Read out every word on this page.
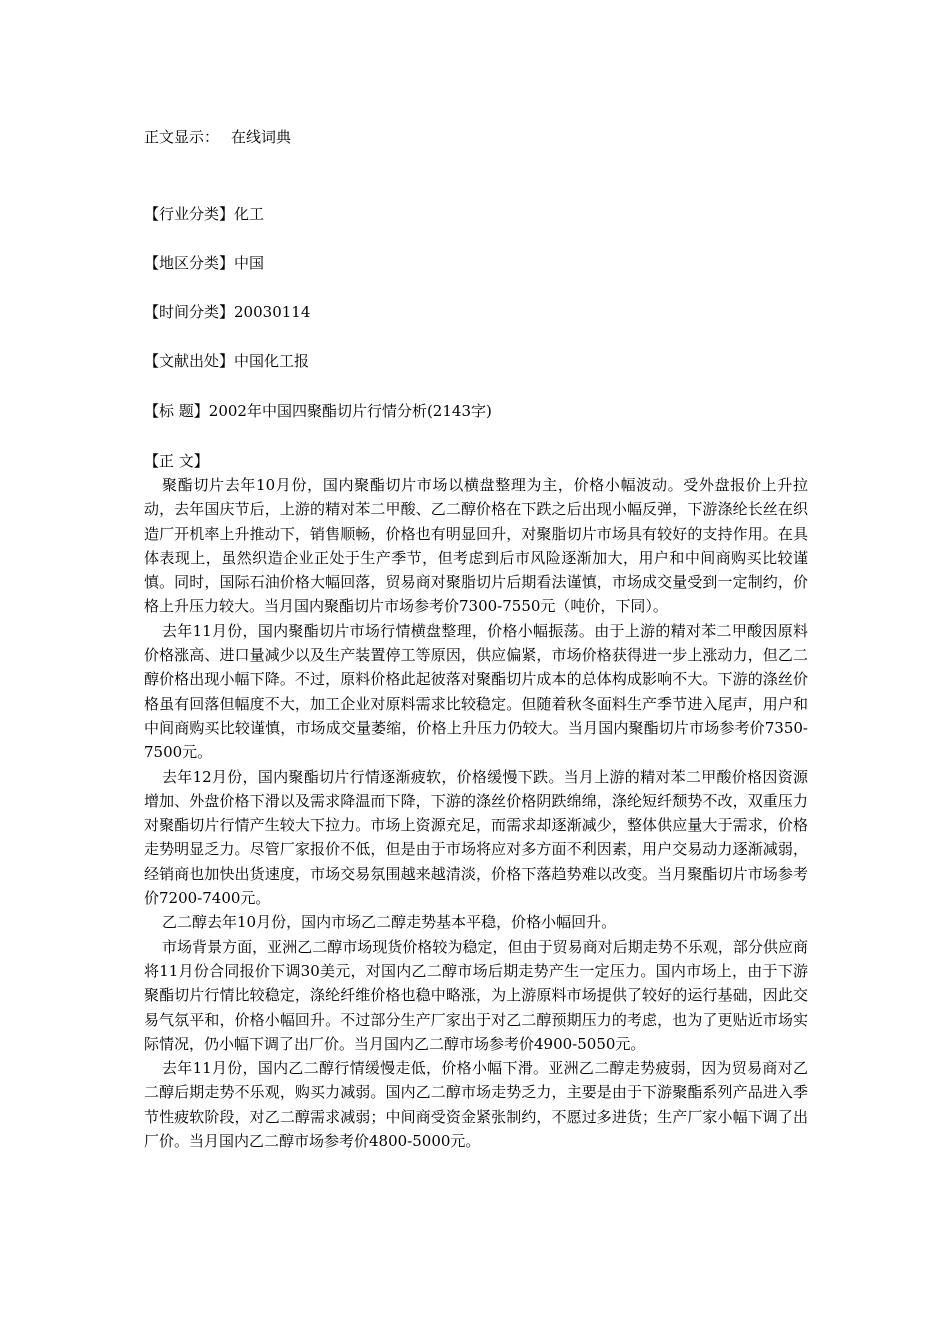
正文显示： 在线词典
【行业分类】化工
【地区分类】中国
【时间分类】20030114
【文献出处】中国化工报
【标 题】2002年中国四聚酯切片行情分析(2143字)
【正 文】

聚酯切片去年10月份，国内聚酯切片市场以横盘整理为主，价格小幅波动。受外盘报价上升拉动，去年国庆节后，上游的精对苯二甲酸、乙二醇价格在下跌之后出现小幅反弹，下游涤纶长丝在织造厂开机率上升推动下，销售顺畅，价格也有明显回升，对聚脂切片市场具有较好的支持作用。在具体表现上，虽然织造企业正处于生产季节，但考虑到后市风险逐渐加大，用户和中间商购买比较谨慎。同时，国际石油价格大幅回落，贸易商对聚脂切片后期看法谨慎，市场成交量受到一定制约，价格上升压力较大。当月国内聚酯切片市场参考价7300-7550元（吨价，下同）。

去年11月份，国内聚酯切片市场行情横盘整理，价格小幅振荡。由于上游的精对苯二甲酸因原料价格涨高、进口量减少以及生产装置停工等原因，供应偏紧，市场价格获得进一步上涨动力，但乙二醇价格出现小幅下降。不过，原料价格此起彼落对聚酯切片成本的总体构成影响不大。下游的涤丝价格虽有回落但幅度不大，加工企业对原料需求比较稳定。但随着秋冬面料生产季节进入尾声，用户和中间商购买比较谨慎，市场成交量萎缩，价格上升压力仍较大。当月国内聚酯切片市场参考价7350-7500元。

去年12月份，国内聚酯切片行情逐渐疲软，价格缓慢下跌。当月上游的精对苯二甲酸价格因资源增加、外盘价格下滑以及需求降温而下降，下游的涤丝价格阴跌绵绵，涤纶短纤颓势不改，双重压力对聚酯切片行情产生较大下拉力。市场上资源充足，而需求却逐渐减少，整体供应量大于需求，价格走势明显乏力。尽管厂家报价不低，但是由于市场将应对多方面不利因素，用户交易动力逐渐减弱，经销商也加快出货速度，市场交易氛围越来越清淡，价格下落趋势难以改变。当月聚酯切片市场参考价7200-7400元。

乙二醇去年10月份，国内市场乙二醇走势基本平稳，价格小幅回升。

市场背景方面，亚洲乙二醇市场现货价格较为稳定，但由于贸易商对后期走势不乐观，部分供应商将11月份合同报价下调30美元，对国内乙二醇市场后期走势产生一定压力。国内市场上，由于下游聚酯切片行情比较稳定，涤纶纤维价格也稳中略涨，为上游原料市场提供了较好的运行基础，因此交易气氛平和，价格小幅回升。不过部分生产厂家出于对乙二醇预期压力的考虑，也为了更贴近市场实际情况，仍小幅下调了出厂价。当月国内乙二醇市场参考价4900-5050元。

去年11月份，国内乙二醇行情缓慢走低，价格小幅下滑。亚洲乙二醇走势疲弱，因为贸易商对乙二醇后期走势不乐观，购买力减弱。国内乙二醇市场走势乏力，主要是由于下游聚酯系列产品进入季节性疲软阶段，对乙二醇需求减弱；中间商受资金紧张制约，不愿过多进货；生产厂家小幅下调了出厂价。当月国内乙二醇市场参考价4800-5000元。
